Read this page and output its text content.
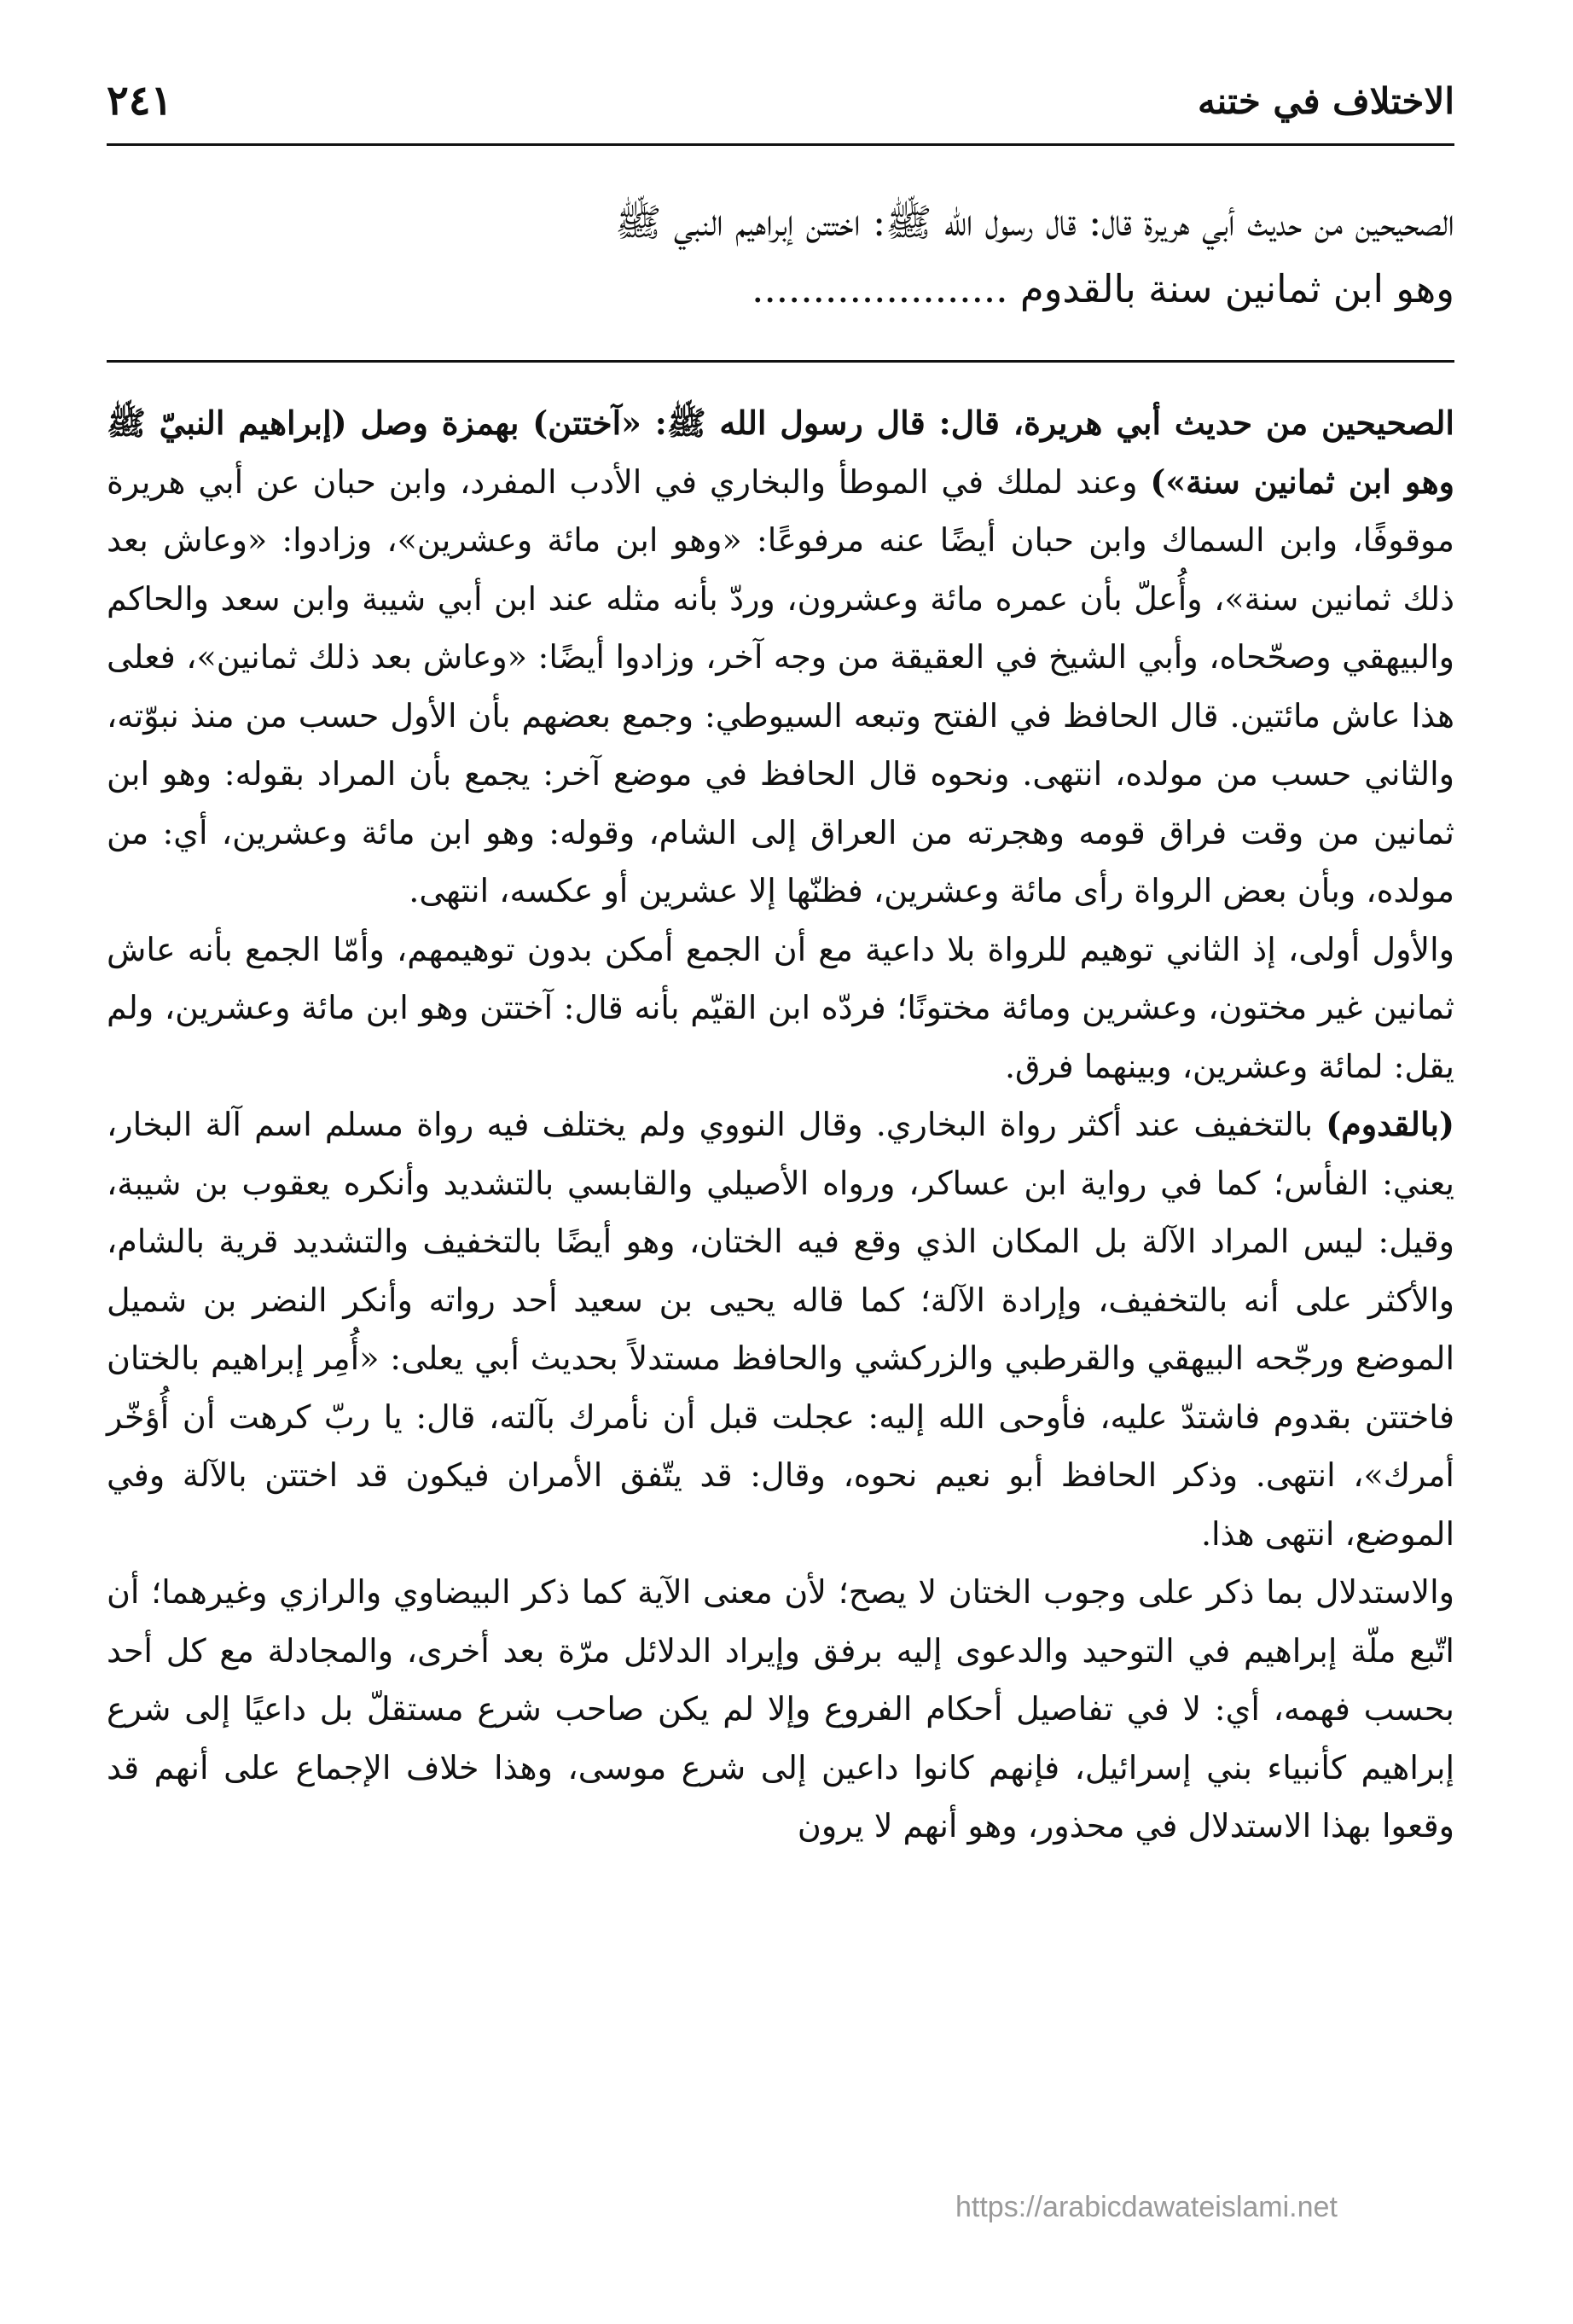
الاختلاف في ختنه
٢٤١
الصحيحين من حديث أبي هريرة قال: قال رسول الله ﷺ: اختتن إبراهيم النبي ﷺ
وهو ابن ثمانين سنة بالقدوم .....................

الصحيحين من حديث أبي هريرة، قال: قال رسول الله ﷺ: «آختتن) بهمزة وصل (إبراهيم النبيّ ﷺ وهو ابن ثمانين سنة») وعند لملك في الموطأ والبخاري في الأدب المفرد، وابن حبان عن أبي هريرة موقوفًا، وابن السماك وابن حبان أيضًا عنه مرفوعًا: «وهو ابن مائة وعشرين»، وزادوا: «وعاش بعد ذلك ثمانين سنة»، وأُعلّ بأن عمره مائة وعشرون، وردّ بأنه مثله عند ابن أبي شيبة وابن سعد والحاكم والبيهقي وصحّحاه، وأبي الشيخ في العقيقة من وجه آخر، وزادوا أيضًا: «وعاش بعد ذلك ثمانين»، فعلى هذا عاش مائتين. قال الحافظ في الفتح وتبعه السيوطي: وجمع بعضهم بأن الأول حسب من منذ نبوّته، والثاني حسب من مولده، انتهى. ونحوه قال الحافظ في موضع آخر: يجمع بأن المراد بقوله: وهو ابن ثمانين من وقت فراق قومه وهجرته من العراق إلى الشام، وقوله: وهو ابن مائة وعشرين، أي: من مولده، وبأن بعض الرواة رأى مائة وعشرين، فظنّها إلا عشرين أو عكسه، انتهى.

والأول أولى، إذ الثاني توهيم للرواة بلا داعية مع أن الجمع أمكن بدون توهيمهم، وأمّا الجمع بأنه عاش ثمانين غير مختون، وعشرين ومائة مختونًا؛ فردّه ابن القيّم بأنه قال: آختتن وهو ابن مائة وعشرين، ولم يقل: لمائة وعشرين، وبينهما فرق.

(بالقدوم) بالتخفيف عند أكثر رواة البخاري. وقال النووي ولم يختلف فيه رواة مسلم اسم آلة البخار، يعني: الفأس؛ كما في رواية ابن عساكر، ورواه الأصيلي والقابسي بالتشديد وأنكره يعقوب بن شيبة، وقيل: ليس المراد الآلة بل المكان الذي وقع فيه الختان، وهو أيضًا بالتخفيف والتشديد قرية بالشام، والأكثر على أنه بالتخفيف، وإرادة الآلة؛ كما قاله يحيى بن سعيد أحد رواته وأنكر النضر بن شميل الموضع ورجّحه البيهقي والقرطبي والزركشي والحافظ مستدلاً بحديث أبي يعلى: «أُمِر إبراهيم بالختان فاختتن بقدوم فاشتدّ عليه، فأوحى الله إليه: عجلت قبل أن نأمرك بآلته، قال: يا ربّ كرهت أن أُؤخّر أمرك»، انتهى. وذكر الحافظ أبو نعيم نحوه، وقال: قد يتّفق الأمران فيكون قد اختتن بالآلة وفي الموضع، انتهى هذا.

والاستدلال بما ذكر على وجوب الختان لا يصح؛ لأن معنى الآية كما ذكر البيضاوي والرازي وغيرهما؛ أن اتّبع ملّة إبراهيم في التوحيد والدعوى إليه برفق وإيراد الدلائل مرّة بعد أخرى، والمجادلة مع كل أحد بحسب فهمه، أي: لا في تفاصيل أحكام الفروع وإلا لم يكن صاحب شرع مستقلّ بل داعيًا إلى شرع إبراهيم كأنبياء بني إسرائيل، فإنهم كانوا داعين إلى شرع موسى، وهذا خلاف الإجماع على أنهم قد وقعوا بهذا الاستدلال في محذور، وهو أنهم لا يرون

https://arabicdawateislami.net
